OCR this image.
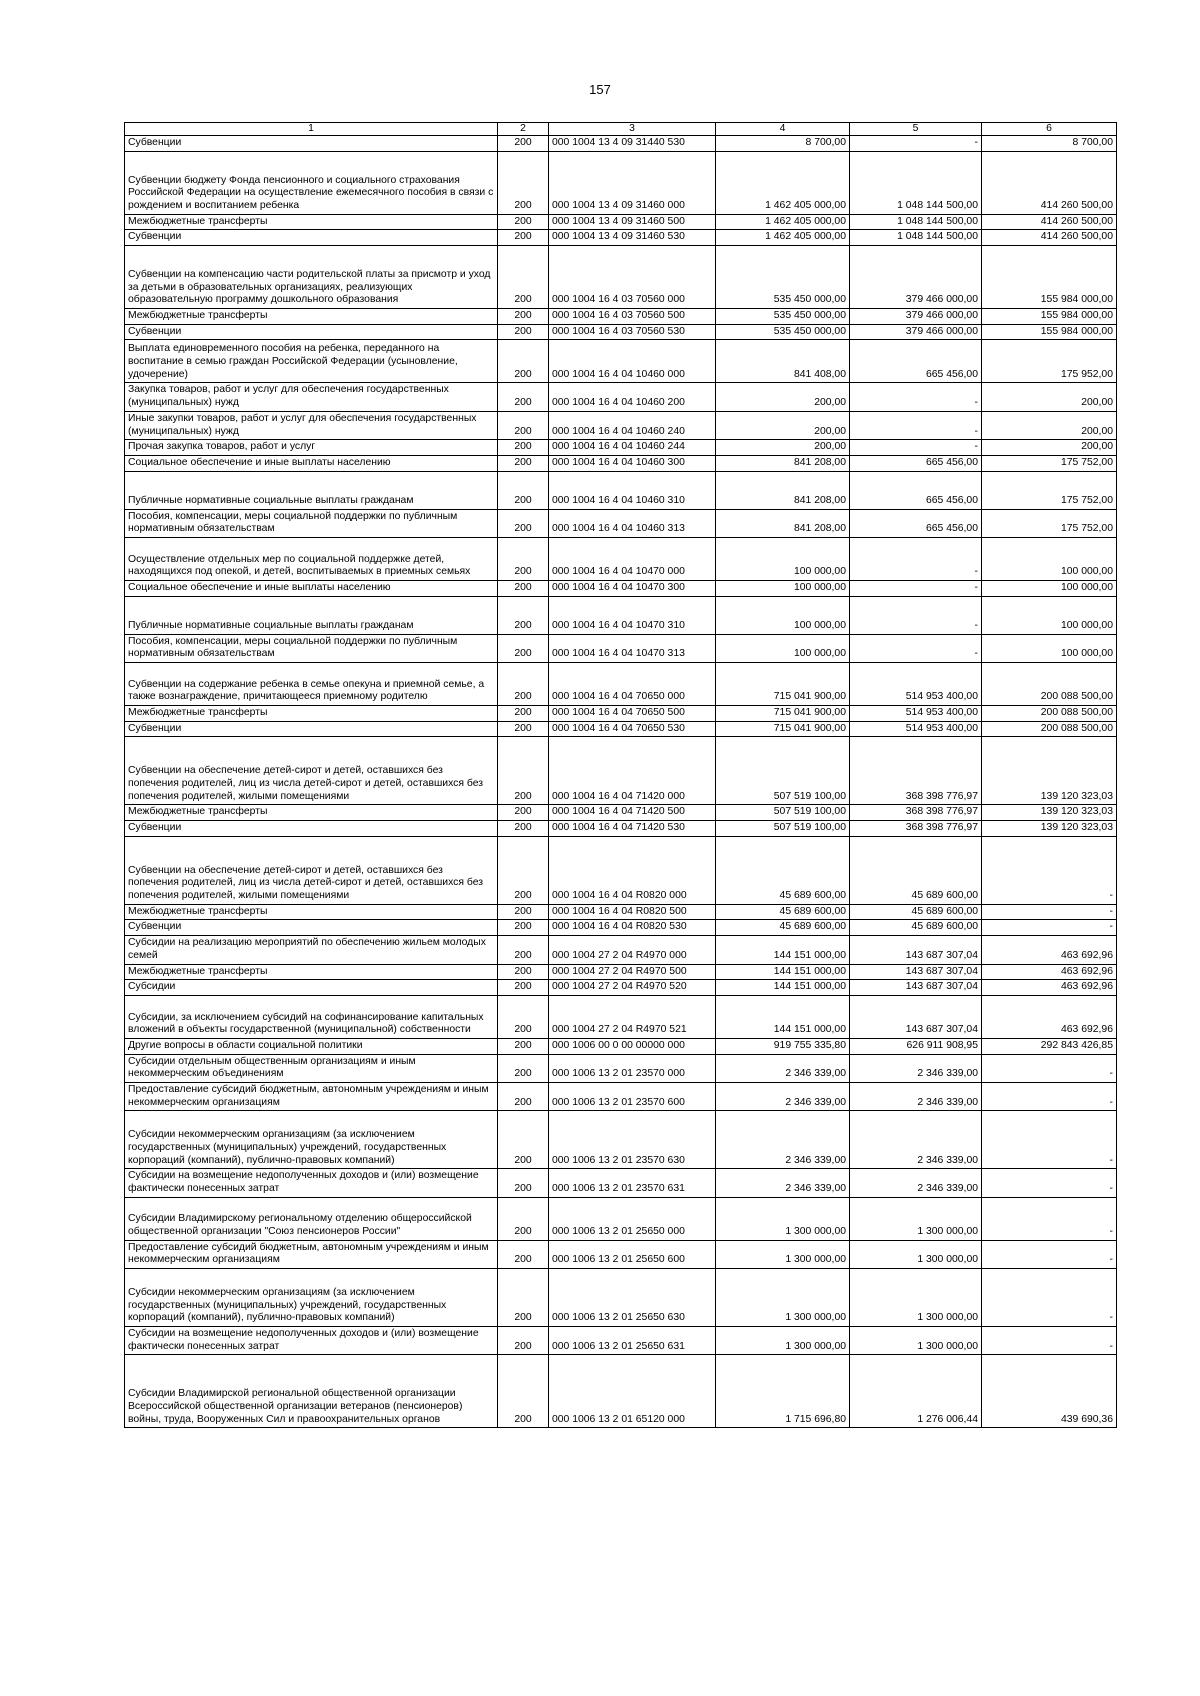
157
1	2	3	4	5	6
Субвенции	200	000 1004 13 4 09 31440 530	8 700,00	-	8 700,00
Субвенции бюджету Фонда пенсионного и социального страхования Российской Федерации на осуществление ежемесячного пособия в связи с рождением и воспитанием ребенка	200	000 1004 13 4 09 31460 000	1 462 405 000,00	1 048 144 500,00	414 260 500,00
Межбюджетные трансферты	200	000 1004 13 4 09 31460 500	1 462 405 000,00	1 048 144 500,00	414 260 500,00
Субвенции	200	000 1004 13 4 09 31460 530	1 462 405 000,00	1 048 144 500,00	414 260 500,00
Субвенции на компенсацию части родительской платы за присмотр и уход за детьми в образовательных организациях, реализующих образовательную программу дошкольного образования	200	000 1004 16 4 03 70560 000	535 450 000,00	379 466 000,00	155 984 000,00
Межбюджетные трансферты	200	000 1004 16 4 03 70560 500	535 450 000,00	379 466 000,00	155 984 000,00
Субвенции	200	000 1004 16 4 03 70560 530	535 450 000,00	379 466 000,00	155 984 000,00
Выплата единовременного пособия на ребенка, переданного на воспитание в семью граждан Российской Федерации (усыновление, удочерение)	200	000 1004 16 4 04 10460 000	841 408,00	665 456,00	175 952,00
Закупка товаров, работ и услуг для обеспечения государственных (муниципальных) нужд	200	000 1004 16 4 04 10460 200	200,00	-	200,00
Иные закупки товаров, работ и услуг для обеспечения государственных (муниципальных) нужд	200	000 1004 16 4 04 10460 240	200,00	-	200,00
Прочая закупка товаров, работ и услуг	200	000 1004 16 4 04 10460 244	200,00	-	200,00
Социальное обеспечение и иные выплаты населению	200	000 1004 16 4 04 10460 300	841 208,00	665 456,00	175 752,00
Публичные нормативные социальные выплаты гражданам	200	000 1004 16 4 04 10460 310	841 208,00	665 456,00	175 752,00
Пособия, компенсации, меры социальной поддержки по публичным нормативным обязательствам	200	000 1004 16 4 04 10460 313	841 208,00	665 456,00	175 752,00
Осуществление отдельных мер по социальной поддержке детей, находящихся под опекой, и детей, воспитываемых в приемных семьях	200	000 1004 16 4 04 10470 000	100 000,00	-	100 000,00
Социальное обеспечение и иные выплаты населению	200	000 1004 16 4 04 10470 300	100 000,00	-	100 000,00
Публичные нормативные социальные выплаты гражданам	200	000 1004 16 4 04 10470 310	100 000,00	-	100 000,00
Пособия, компенсации, меры социальной поддержки по публичным нормативным обязательствам	200	000 1004 16 4 04 10470 313	100 000,00	-	100 000,00
Субвенции на содержание ребенка в семье опекуна и приемной семье, а также вознаграждение, причитающееся приемному родителю	200	000 1004 16 4 04 70650 000	715 041 900,00	514 953 400,00	200 088 500,00
Межбюджетные трансферты	200	000 1004 16 4 04 70650 500	715 041 900,00	514 953 400,00	200 088 500,00
Субвенции	200	000 1004 16 4 04 70650 530	715 041 900,00	514 953 400,00	200 088 500,00
Субвенции на обеспечение детей-сирот и детей, оставшихся без попечения родителей, лиц из числа детей-сирот и детей, оставшихся без попечения родителей, жилыми помещениями	200	000 1004 16 4 04 71420 000	507 519 100,00	368 398 776,97	139 120 323,03
Межбюджетные трансферты	200	000 1004 16 4 04 71420 500	507 519 100,00	368 398 776,97	139 120 323,03
Субвенции	200	000 1004 16 4 04 71420 530	507 519 100,00	368 398 776,97	139 120 323,03
Субвенции на обеспечение детей-сирот и детей, оставшихся без попечения родителей, лиц из числа детей-сирот и детей, оставшихся без попечения родителей, жилыми помещениями	200	000 1004 16 4 04 R0820 000	45 689 600,00	45 689 600,00	-
Межбюджетные трансферты	200	000 1004 16 4 04 R0820 500	45 689 600,00	45 689 600,00	-
Субвенции	200	000 1004 16 4 04 R0820 530	45 689 600,00	45 689 600,00	-
Субсидии на реализацию мероприятий по обеспечению жильем молодых семей	200	000 1004 27 2 04 R4970 000	144 151 000,00	143 687 307,04	463 692,96
Межбюджетные трансферты	200	000 1004 27 2 04 R4970 500	144 151 000,00	143 687 307,04	463 692,96
Субсидии	200	000 1004 27 2 04 R4970 520	144 151 000,00	143 687 307,04	463 692,96
Субсидии, за исключением субсидий на софинансирование капитальных вложений в объекты государственной (муниципальной) собственности	200	000 1004 27 2 04 R4970 521	144 151 000,00	143 687 307,04	463 692,96
Другие вопросы в области социальной политики	200	000 1006 00 0 00 00000 000	919 755 335,80	626 911 908,95	292 843 426,85
Субсидии отдельным общественным организациям и иным некоммерческим объединениям	200	000 1006 13 2 01 23570 000	2 346 339,00	2 346 339,00	-
Предоставление субсидий бюджетным, автономным учреждениям и иным некоммерческим организациям	200	000 1006 13 2 01 23570 600	2 346 339,00	2 346 339,00	-
Субсидии некоммерческим организациям (за исключением государственных (муниципальных) учреждений, государственных корпораций (компаний), публично-правовых компаний)	200	000 1006 13 2 01 23570 630	2 346 339,00	2 346 339,00	-
Субсидии на возмещение недополученных доходов и (или) возмещение фактически понесенных затрат	200	000 1006 13 2 01 23570 631	2 346 339,00	2 346 339,00	-
Субсидии Владимирскому региональному отделению общероссийской общественной организации "Союз пенсионеров России"	200	000 1006 13 2 01 25650 000	1 300 000,00	1 300 000,00	-
Предоставление субсидий бюджетным, автономным учреждениям и иным некоммерческим организациям	200	000 1006 13 2 01 25650 600	1 300 000,00	1 300 000,00	-
Субсидии некоммерческим организациям (за исключением государственных (муниципальных) учреждений, государственных корпораций (компаний), публично-правовых компаний)	200	000 1006 13 2 01 25650 630	1 300 000,00	1 300 000,00	-
Субсидии на возмещение недополученных доходов и (или) возмещение фактически понесенных затрат	200	000 1006 13 2 01 25650 631	1 300 000,00	1 300 000,00	-
Субсидии Владимирской региональной общественной организации Всероссийской общественной организации ветеранов (пенсионеров) войны, труда, Вооруженных Сил и правоохранительных органов	200	000 1006 13 2 01 65120 000	1 715 696,80	1 276 006,44	439 690,36
